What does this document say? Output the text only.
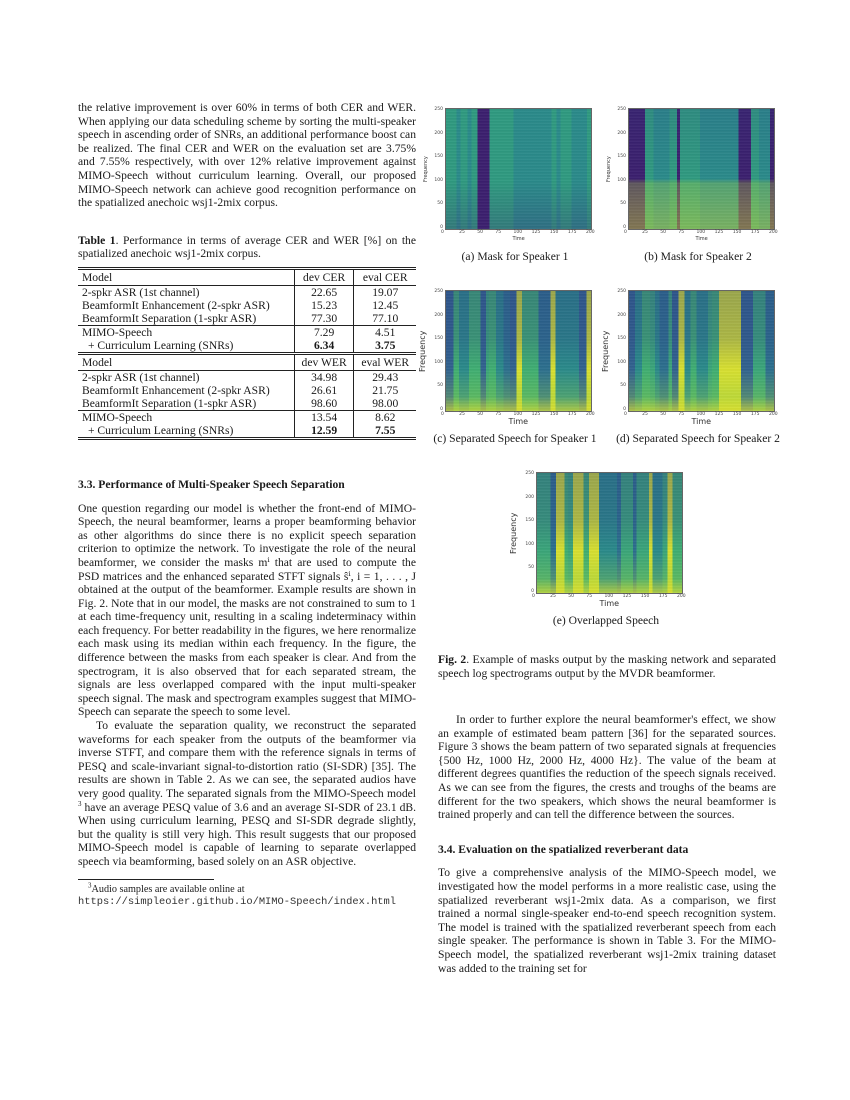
the relative improvement is over 60% in terms of both CER and WER. When applying our data scheduling scheme by sorting the multi-speaker speech in ascending order of SNRs, an additional performance boost can be realized. The final CER and WER on the evaluation set are 3.75% and 7.55% respectively, with over 12% relative improvement against MIMO-Speech without curriculum learning. Overall, our proposed MIMO-Speech network can achieve good recognition performance on the spatialized anechoic wsj1-2mix corpus.

Table 1. Performance in terms of average CER and WER [%] on the spatialized anechoic wsj1-2mix corpus.

Model	dev CER	eval CER
2-spkr ASR (1st channel)	22.65	19.07
BeamformIt Enhancement (2-spkr ASR)	15.23	12.45
BeamformIt Separation (1-spkr ASR)	77.30	77.10
MIMO-Speech	7.29	4.51
+ Curriculum Learning (SNRs)	6.34	3.75
Model	dev WER	eval WER
2-spkr ASR (1st channel)	34.98	29.43
BeamformIt Enhancement (2-spkr ASR)	26.61	21.75
BeamformIt Separation (1-spkr ASR)	98.60	98.00
MIMO-Speech	13.54	8.62
+ Curriculum Learning (SNRs)	12.59	7.55
3.3. Performance of Multi-Speaker Speech Separation

One question regarding our model is whether the front-end of MIMO-Speech, the neural beamformer, learns a proper beamforming behavior as other algorithms do since there is no explicit speech separation criterion to optimize the network. To investigate the role of the neural beamformer, we consider the masks mⁱ that are used to compute the PSD matrices and the enhanced separated STFT signals ŝⁱ, i = 1, . . . , J obtained at the output of the beamformer. Example results are shown in Fig. 2. Note that in our model, the masks are not constrained to sum to 1 at each time-frequency unit, resulting in a scaling indeterminacy within each frequency. For better readability in the figures, we here renormalize each mask using its median within each frequency. In the figure, the difference between the masks from each speaker is clear. And from the spectrogram, it is also observed that for each separated stream, the signals are less overlapped compared with the input multi-speaker speech signal. The mask and spectrogram examples suggest that MIMO-Speech can separate the speech to some level.

To evaluate the separation quality, we reconstruct the separated waveforms for each speaker from the outputs of the beamformer via inverse STFT, and compare them with the reference signals in terms of PESQ and scale-invariant signal-to-distortion ratio (SI-SDR) [35]. The results are shown in Table 2. As we can see, the separated audios have very good quality. The separated signals from the MIMO-Speech model $^3$ have an average PESQ value of 3.6 and an average SI-SDR of 23.1 dB. When using curriculum learning, PESQ and SI-SDR degrade slightly, but the quality is still very high. This result suggests that our proposed MIMO-Speech model is capable of learning to separate overlapped speech via beamforming, based solely on an ASR objective.

$^3$Audio samples are available online at https://simpleoier.github.io/MIMO-Speech/index.html
0
50
100
150
200
250
0	25	50	75	100 125 150 175 200
Frequency
Time
(a) Mask for Speaker 1
0
50
100
150
200
250
0	25	50	75	100 125 150 175 200
Frequency
Time
(b) Mask for Speaker 2
0
50
100
150
200
250
0	25	50	75	100 125 150 175 200
Frequency
Time
(c) Separated Speech for Speaker 1
0
50
100
150
200
250
0	25	50	75	100 125 150 175 200
Frequency
Time
(d) Separated Speech for Speaker 2
0
50
100
150
200
250
0	25	50	75	100 125 150 175 200
Frequency
Time
(e) Overlapped Speech

Fig. 2. Example of masks output by the masking network and separated speech log spectrograms output by the MVDR beamformer.

In order to further explore the neural beamformer's effect, we show an example of estimated beam pattern [36] for the separated sources. Figure 3 shows the beam pattern of two separated signals at frequencies {500 Hz, 1000 Hz, 2000 Hz, 4000 Hz}. The value of the beam at different degrees quantifies the reduction of the speech signals received. As we can see from the figures, the crests and troughs of the beams are different for the two speakers, which shows the neural beamformer is trained properly and can tell the difference between the sources.

3.4. Evaluation on the spatialized reverberant data

To give a comprehensive analysis of the MIMO-Speech model, we investigated how the model performs in a more realistic case, using the spatialized reverberant wsj1-2mix data. As a comparison, we first trained a normal single-speaker end-to-end speech recognition system. The model is trained with the spatialized reverberant speech from each single speaker. The performance is shown in Table 3. For the MIMO-Speech model, the spatialized reverberant wsj1-2mix training dataset was added to the training set for
